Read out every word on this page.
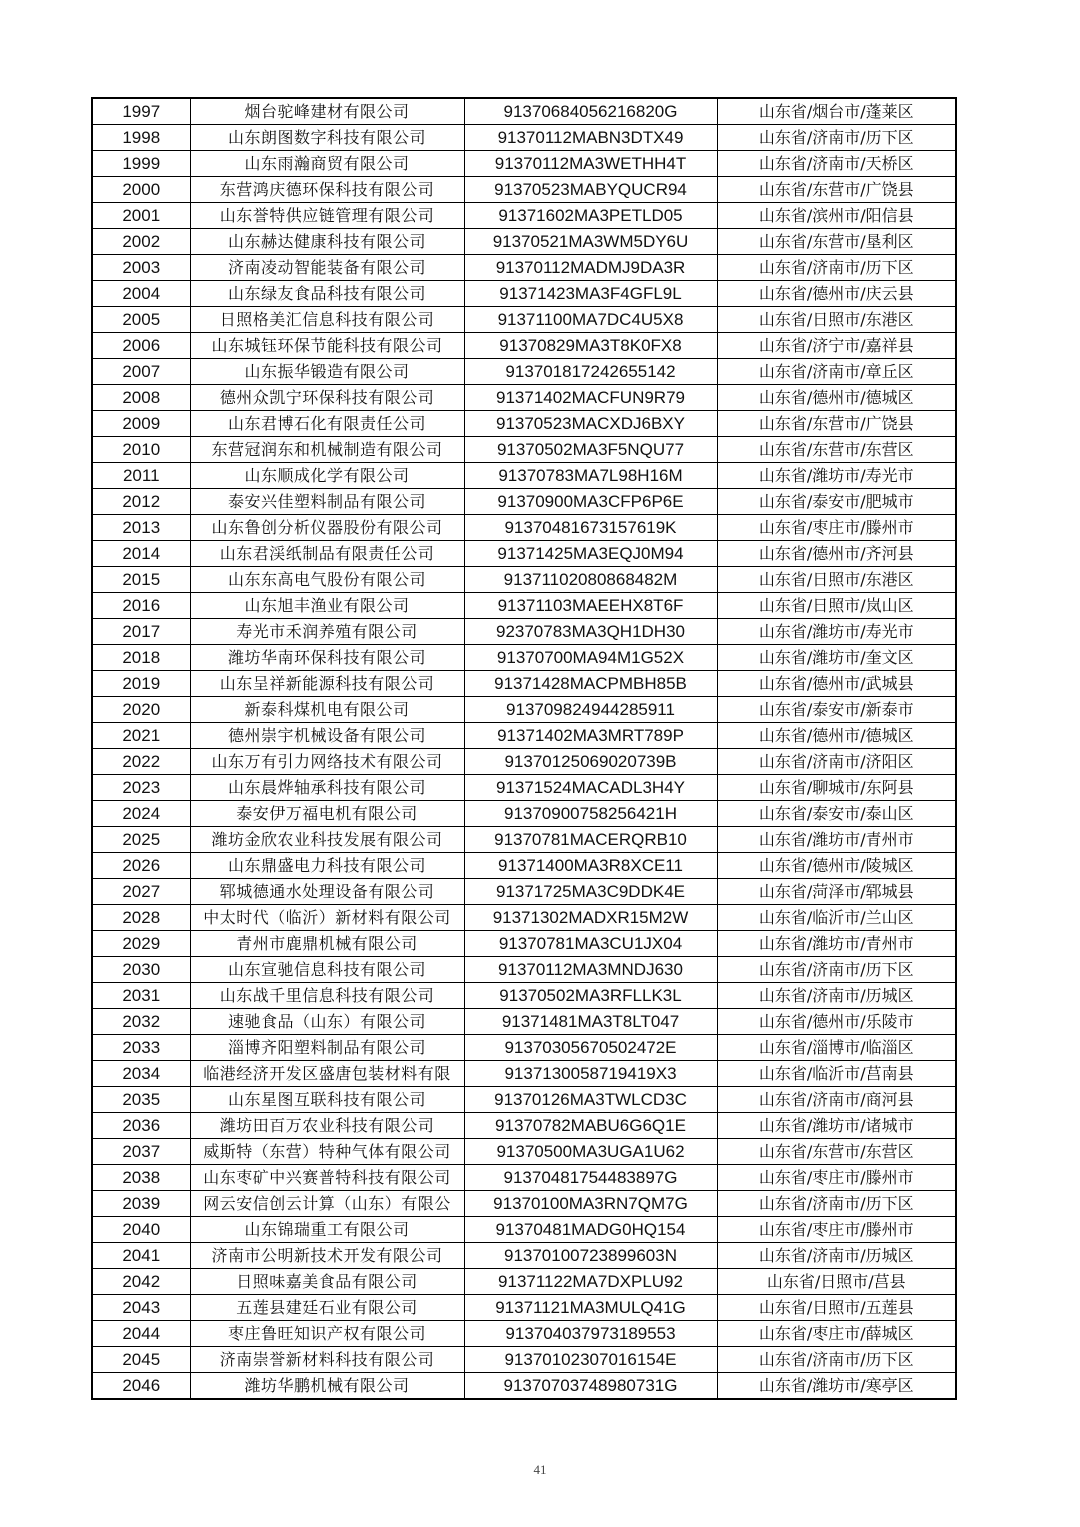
1997	烟台驼峰建材有限公司	91370684056216820G	山东省/烟台市/蓬莱区
1998	山东朗图数字科技有限公司	91370112MABN3DTX49	山东省/济南市/历下区
1999	山东雨瀚商贸有限公司	91370112MA3WETHH4T	山东省/济南市/天桥区
2000	东营鸿庆德环保科技有限公司	91370523MABYQUCR94	山东省/东营市/广饶县
2001	山东誉特供应链管理有限公司	91371602MA3PETLD05	山东省/滨州市/阳信县
2002	山东赫达健康科技有限公司	91370521MA3WM5DY6U	山东省/东营市/垦利区
2003	济南凌动智能装备有限公司	91370112MADMJ9DA3R	山东省/济南市/历下区
2004	山东绿友食品科技有限公司	91371423MA3F4GFL9L	山东省/德州市/庆云县
2005	日照格美汇信息科技有限公司	91371100MA7DC4U5X8	山东省/日照市/东港区
2006	山东城钰环保节能科技有限公司	91370829MA3T8K0FX8	山东省/济宁市/嘉祥县
2007	山东振华锻造有限公司	913701817242655142	山东省/济南市/章丘区
2008	德州众凯宁环保科技有限公司	91371402MACFUN9R79	山东省/德州市/德城区
2009	山东君博石化有限责任公司	91370523MACXDJ6BXY	山东省/东营市/广饶县
2010	东营冠润东和机械制造有限公司	91370502MA3F5NQU77	山东省/东营市/东营区
2011	山东顺成化学有限公司	91370783MA7L98H16M	山东省/潍坊市/寿光市
2012	泰安兴佳塑料制品有限公司	91370900MA3CFP6P6E	山东省/泰安市/肥城市
2013	山东鲁创分析仪器股份有限公司	91370481673157619K	山东省/枣庄市/滕州市
2014	山东君渓纸制品有限责任公司	91371425MA3EQJ0M94	山东省/德州市/齐河县
2015	山东东高电气股份有限公司	91371102080868482M	山东省/日照市/东港区
2016	山东旭丰渔业有限公司	91371103MAEEHX8T6F	山东省/日照市/岚山区
2017	寿光市禾润养殖有限公司	92370783MA3QH1DH30	山东省/潍坊市/寿光市
2018	潍坊华南环保科技有限公司	91370700MA94M1G52X	山东省/潍坊市/奎文区
2019	山东呈祥新能源科技有限公司	91371428MACPMBH85B	山东省/德州市/武城县
2020	新泰科煤机电有限公司	913709824944285911	山东省/泰安市/新泰市
2021	德州崇宇机械设备有限公司	91371402MA3MRT789P	山东省/德州市/德城区
2022	山东万有引力网络技术有限公司	91370125069020739B	山东省/济南市/济阳区
2023	山东晨烨轴承科技有限公司	91371524MACADL3H4Y	山东省/聊城市/东阿县
2024	泰安伊万福电机有限公司	91370900758256421H	山东省/泰安市/泰山区
2025	潍坊金欣农业科技发展有限公司	91370781MACERQRB10	山东省/潍坊市/青州市
2026	山东鼎盛电力科技有限公司	91371400MA3R8XCE11	山东省/德州市/陵城区
2027	郓城德通水处理设备有限公司	91371725MA3C9DDK4E	山东省/菏泽市/郓城县
2028	中太时代（临沂）新材料有限公司	91371302MADXR15M2W	山东省/临沂市/兰山区
2029	青州市鹿鼎机械有限公司	91370781MA3CU1JX04	山东省/潍坊市/青州市
2030	山东宣驰信息科技有限公司	91370112MA3MNDJ630	山东省/济南市/历下区
2031	山东战千里信息科技有限公司	91370502MA3RFLLK3L	山东省/济南市/历城区
2032	速驰食品（山东）有限公司	91371481MA3T8LT047	山东省/德州市/乐陵市
2033	淄博齐阳塑料制品有限公司	91370305670502472E	山东省/淄博市/临淄区
2034	临港经济开发区盛唐包装材料有限	9137130058719419X3	山东省/临沂市/莒南县
2035	山东星图互联科技有限公司	91370126MA3TWLCD3C	山东省/济南市/商河县
2036	潍坊田百万农业科技有限公司	91370782MABU6G6Q1E	山东省/潍坊市/诸城市
2037	威斯特（东营）特种气体有限公司	91370500MA3UGA1U62	山东省/东营市/东营区
2038	山东枣矿中兴赛普特科技有限公司	91370481754483897G	山东省/枣庄市/滕州市
2039	网云安信创云计算（山东）有限公	91370100MA3RN7QM7G	山东省/济南市/历下区
2040	山东锦瑞重工有限公司	91370481MADG0HQ154	山东省/枣庄市/滕州市
2041	济南市公明新技术开发有限公司	91370100723899603N	山东省/济南市/历城区
2042	日照味嘉美食品有限公司	91371122MA7DXPLU92	山东省/日照市/莒县
2043	五莲县建廷石业有限公司	91371121MA3MULQ41G	山东省/日照市/五莲县
2044	枣庄鲁旺知识产权有限公司	913704037973189553	山东省/枣庄市/薛城区
2045	济南崇誉新材料科技有限公司	91370102307016154E	山东省/济南市/历下区
2046	潍坊华鹏机械有限公司	91370703748980731G	山东省/潍坊市/寒亭区
41
